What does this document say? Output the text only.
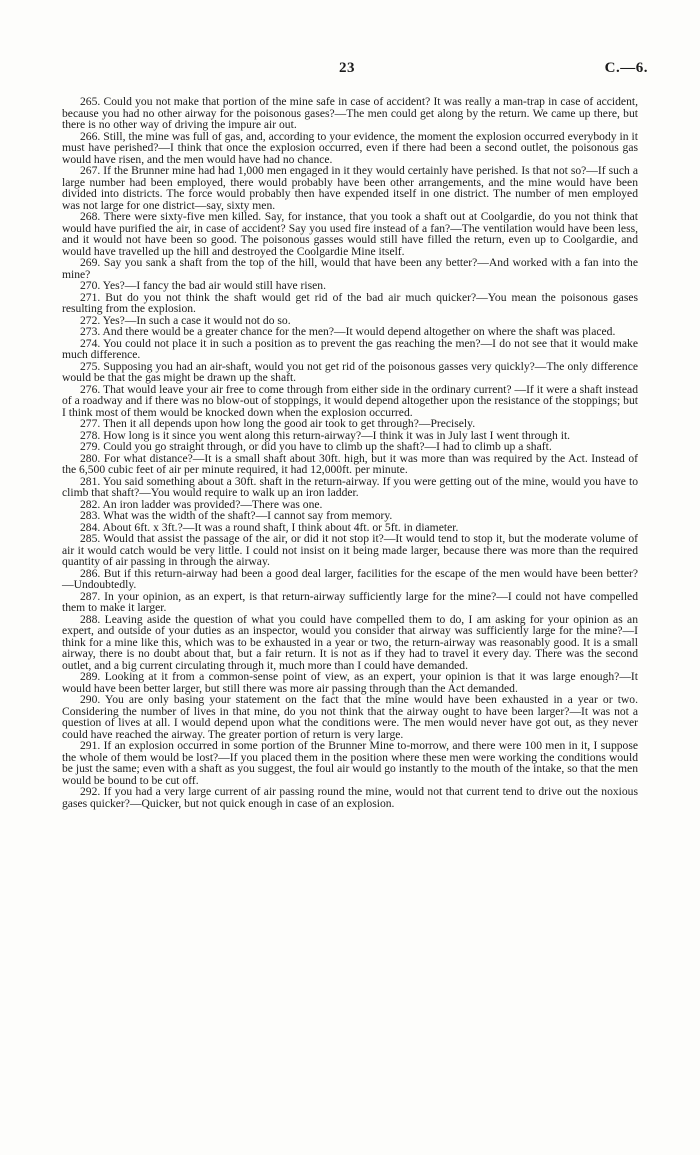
23	C.—6.

265. Could you not make that portion of the mine safe in case of accident? It was really a man-trap in case of accident, because you had no other airway for the poisonous gases?—The men could get along by the return. We came up there, but there is no other way of driving the impure air out.

266. Still, the mine was full of gas, and, according to your evidence, the moment the explosion occurred everybody in it must have perished?—I think that once the explosion occurred, even if there had been a second outlet, the poisonous gas would have risen, and the men would have had no chance.

267. If the Brunner mine had had 1,000 men engaged in it they would certainly have perished. Is that not so?—If such a large number had been employed, there would probably have been other arrangements, and the mine would have been divided into districts. The force would probably then have expended itself in one district. The number of men employed was not large for one district—say, sixty men.

268. There were sixty-five men killed. Say, for instance, that you took a shaft out at Coolgardie, do you not think that would have purified the air, in case of accident? Say you used fire instead of a fan?—The ventilation would have been less, and it would not have been so good. The poisonous gasses would still have filled the return, even up to Coolgardie, and would have travelled up the hill and destroyed the Coolgardie Mine itself.

269. Say you sank a shaft from the top of the hill, would that have been any better?—And worked with a fan into the mine?

270. Yes?—I fancy the bad air would still have risen.

271. But do you not think the shaft would get rid of the bad air much quicker?—You mean the poisonous gases resulting from the explosion.

272. Yes?—In such a case it would not do so.

273. And there would be a greater chance for the men?—It would depend altogether on where the shaft was placed.

274. You could not place it in such a position as to prevent the gas reaching the men?—I do not see that it would make much difference.

275. Supposing you had an air-shaft, would you not get rid of the poisonous gasses very quickly?—The only difference would be that the gas might be drawn up the shaft.

276. That would leave your air free to come through from either side in the ordinary current? —If it were a shaft instead of a roadway and if there was no blow-out of stoppings, it would depend altogether upon the resistance of the stoppings; but I think most of them would be knocked down when the explosion occurred.

277. Then it all depends upon how long the good air took to get through?—Precisely.

278. How long is it since you went along this return-airway?—I think it was in July last I went through it.

279. Could you go straight through, or did you have to climb up the shaft?—I had to climb up a shaft.

280. For what distance?—It is a small shaft about 30ft. high, but it was more than was required by the Act. Instead of the 6,500 cubic feet of air per minute required, it had 12,000ft. per minute.

281. You said something about a 30ft. shaft in the return-airway. If you were getting out of the mine, would you have to climb that shaft?—You would require to walk up an iron ladder.

282. An iron ladder was provided?—There was one.

283. What was the width of the shaft?—I cannot say from memory.

284. About 6ft. x 3ft.?—It was a round shaft, I think about 4ft. or 5ft. in diameter.

285. Would that assist the passage of the air, or did it not stop it?—It would tend to stop it, but the moderate volume of air it would catch would be very little. I could not insist on it being made larger, because there was more than the required quantity of air passing in through the airway.

286. But if this return-airway had been a good deal larger, facilities for the escape of the men would have been better?—Undoubtedly.

287. In your opinion, as an expert, is that return-airway sufficiently large for the mine?—I could not have compelled them to make it larger.

288. Leaving aside the question of what you could have compelled them to do, I am asking for your opinion as an expert, and outside of your duties as an inspector, would you consider that airway was sufficiently large for the mine?—I think for a mine like this, which was to be exhausted in a year or two, the return-airway was reasonably good. It is a small airway, there is no doubt about that, but a fair return. It is not as if they had to travel it every day. There was the second outlet, and a big current circulating through it, much more than I could have demanded.

289. Looking at it from a common-sense point of view, as an expert, your opinion is that it was large enough?—It would have been better larger, but still there was more air passing through than the Act demanded.

290. You are only basing your statement on the fact that the mine would have been exhausted in a year or two. Considering the number of lives in that mine, do you not think that the airway ought to have been larger?—It was not a question of lives at all. I would depend upon what the conditions were. The men would never have got out, as they never could have reached the airway. The greater portion of return is very large.

291. If an explosion occurred in some portion of the Brunner Mine to-morrow, and there were 100 men in it, I suppose the whole of them would be lost?—If you placed them in the position where these men were working the conditions would be just the same; even with a shaft as you suggest, the foul air would go instantly to the mouth of the intake, so that the men would be bound to be cut off.

292. If you had a very large current of air passing round the mine, would not that current tend to drive out the noxious gases quicker?—Quicker, but not quick enough in case of an explosion.
